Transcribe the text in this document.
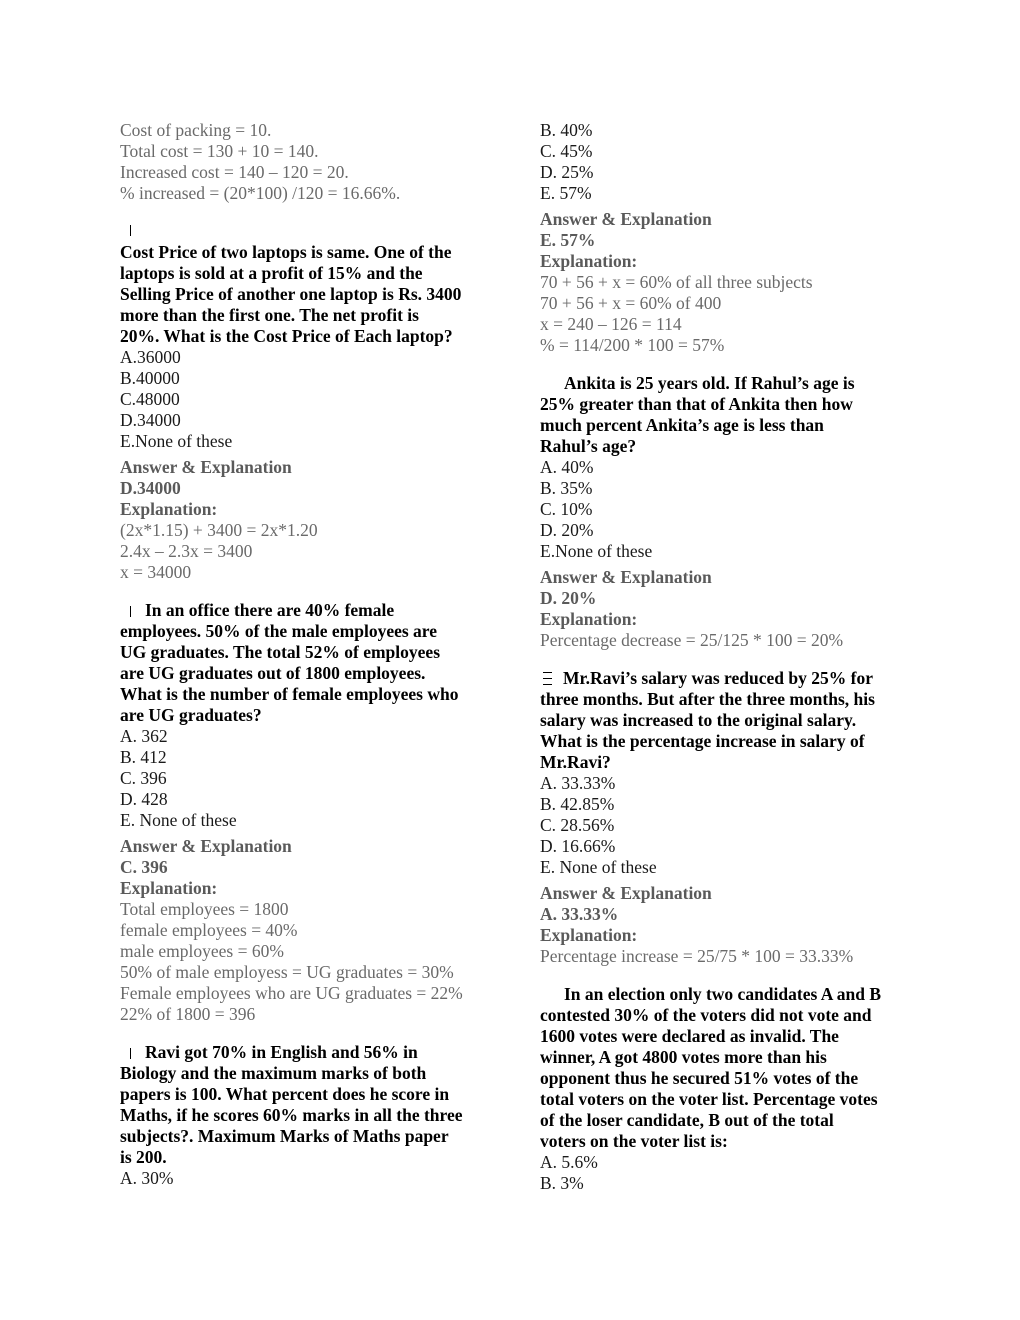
Cost of packing = 10.
Total cost = 130 + 10 = 140.
Increased cost = 140 – 120 = 20.
% increased = (20*100) /120 = 16.66%.
Cost Price of two laptops is same. One of the
laptops is sold at a profit of 15% and the
Selling Price of another one laptop is Rs. 3400
more than the first one. The net profit is
20%. What is the Cost Price of Each laptop?
A.36000
B.40000
C.48000
D.34000
E.None of these
Answer & Explanation
D.34000
Explanation:
(2x*1.15) + 3400 = 2x*1.20
2.4x – 2.3x = 3400
x = 34000
In an office there are 40% female
employees. 50% of the male employees are
UG graduates. The total 52% of employees
are UG graduates out of 1800 employees.
What is the number of female employees who
are UG graduates?
A. 362
B. 412
C. 396
D. 428
E. None of these
Answer & Explanation
C. 396
Explanation:
Total employees = 1800
female employees = 40%
male employees = 60%
50% of male employess = UG graduates = 30%
Female employees who are UG graduates = 22%
22% of 1800 = 396
Ravi got 70% in English and 56% in
Biology and the maximum marks of both
papers is 100. What percent does he score in
Maths, if he scores 60% marks in all the three
subjects?. Maximum Marks of Maths paper
is 200.
A. 30%
B. 40%
C. 45%
D. 25%
E. 57%
Answer & Explanation
E. 57%
Explanation:
70 + 56 + x = 60% of all three subjects
70 + 56 + x = 60% of 400
x = 240 – 126 = 114
% = 114/200 * 100 = 57%
Ankita is 25 years old. If Rahul’s age is
25% greater than that of Ankita then how
much percent Ankita’s age is less than
Rahul’s age?
A. 40%
B. 35%
C. 10%
D. 20%
E.None of these
Answer & Explanation
D. 20%
Explanation:
Percentage decrease = 25/125 * 100 = 20%
Mr.Ravi’s salary was reduced by 25% for
three months. But after the three months, his
salary was increased to the original salary.
What is the percentage increase in salary of
Mr.Ravi?
A. 33.33%
B. 42.85%
C. 28.56%
D. 16.66%
E. None of these
Answer & Explanation
A. 33.33%
Explanation:
Percentage increase = 25/75 * 100 = 33.33%
In an election only two candidates A and B
contested 30% of the voters did not vote and
1600 votes were declared as invalid. The
winner, A got 4800 votes more than his
opponent thus he secured 51% votes of the
total voters on the voter list. Percentage votes
of the loser candidate, B out of the total
voters on the voter list is:
A. 5.6%
B. 3%
